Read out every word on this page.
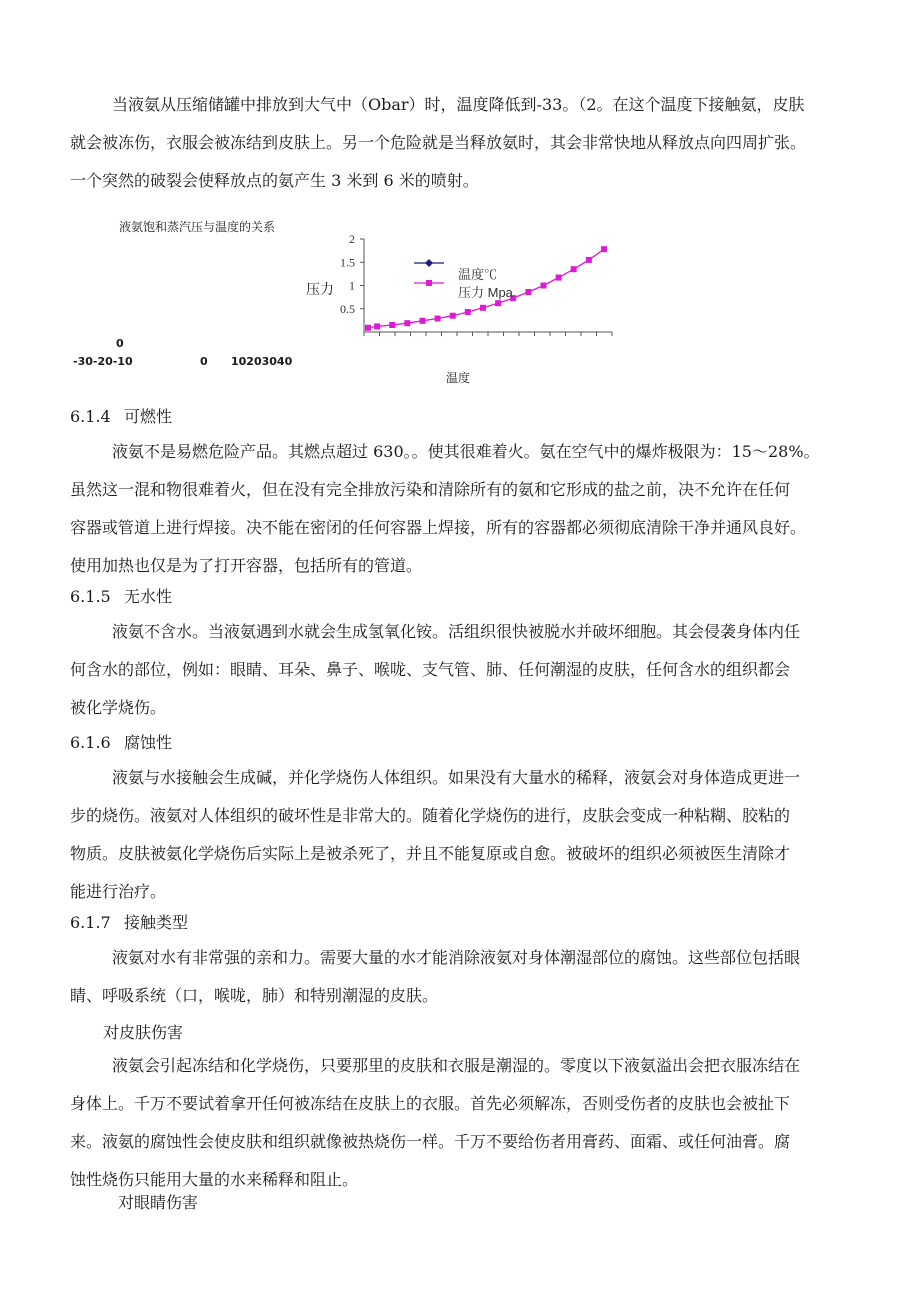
当液氨从压缩储罐中排放到大气中（Obar）时，温度降低到-33。（2。在这个温度下接触氨，皮肤

就会被冻伤，衣服会被冻结到皮肤上。另一个危险就是当释放氨时，其会非常快地从释放点向四周扩张。

一个突然的破裂会使释放点的氨产生 3 米到 6 米的喷射。

液氨饱和蒸汽压与温度的关系
压力
温度
0
-30-20-10	0 10203040
2
1.5
1
0.5
温度℃
压力 Mpa
6.1.4 可燃性

液氨不是易燃危险产品。其燃点超过 630。。使其很难着火。氨在空气中的爆炸极限为：15～28%。

虽然这一混和物很难着火，但在没有完全排放污染和清除所有的氨和它形成的盐之前，决不允许在任何

容器或管道上进行焊接。决不能在密闭的任何容器上焊接，所有的容器都必须彻底清除干净并通风良好。

使用加热也仅是为了打开容器，包括所有的管道。

6.1.5 无水性

液氨不含水。当液氨遇到水就会生成氢氧化铵。活组织很快被脱水并破坏细胞。其会侵袭身体内任

何含水的部位，例如：眼睛、耳朵、鼻子、喉咙、支气管、肺、任何潮湿的皮肤，任何含水的组织都会

被化学烧伤。

6.1.6 腐蚀性

液氨与水接触会生成碱，并化学烧伤人体组织。如果没有大量水的稀释，液氨会对身体造成更进一

步的烧伤。液氨对人体组织的破坏性是非常大的。随着化学烧伤的进行，皮肤会变成一种粘糊、胶粘的

物质。皮肤被氨化学烧伤后实际上是被杀死了，并且不能复原或自愈。被破坏的组织必须被医生清除才

能进行治疗。

6.1.7 接触类型

液氨对水有非常强的亲和力。需要大量的水才能消除液氨对身体潮湿部位的腐蚀。这些部位包括眼

睛、呼吸系统（口，喉咙，肺）和特别潮湿的皮肤。

对皮肤伤害

液氨会引起冻结和化学烧伤，只要那里的皮肤和衣服是潮湿的。零度以下液氨溢出会把衣服冻结在

身体上。千万不要试着拿开任何被冻结在皮肤上的衣服。首先必须解冻，否则受伤者的皮肤也会被扯下

来。液氨的腐蚀性会使皮肤和组织就像被热烧伤一样。千万不要给伤者用膏药、面霜、或任何油膏。腐

蚀性烧伤只能用大量的水来稀释和阻止。

对眼睛伤害
